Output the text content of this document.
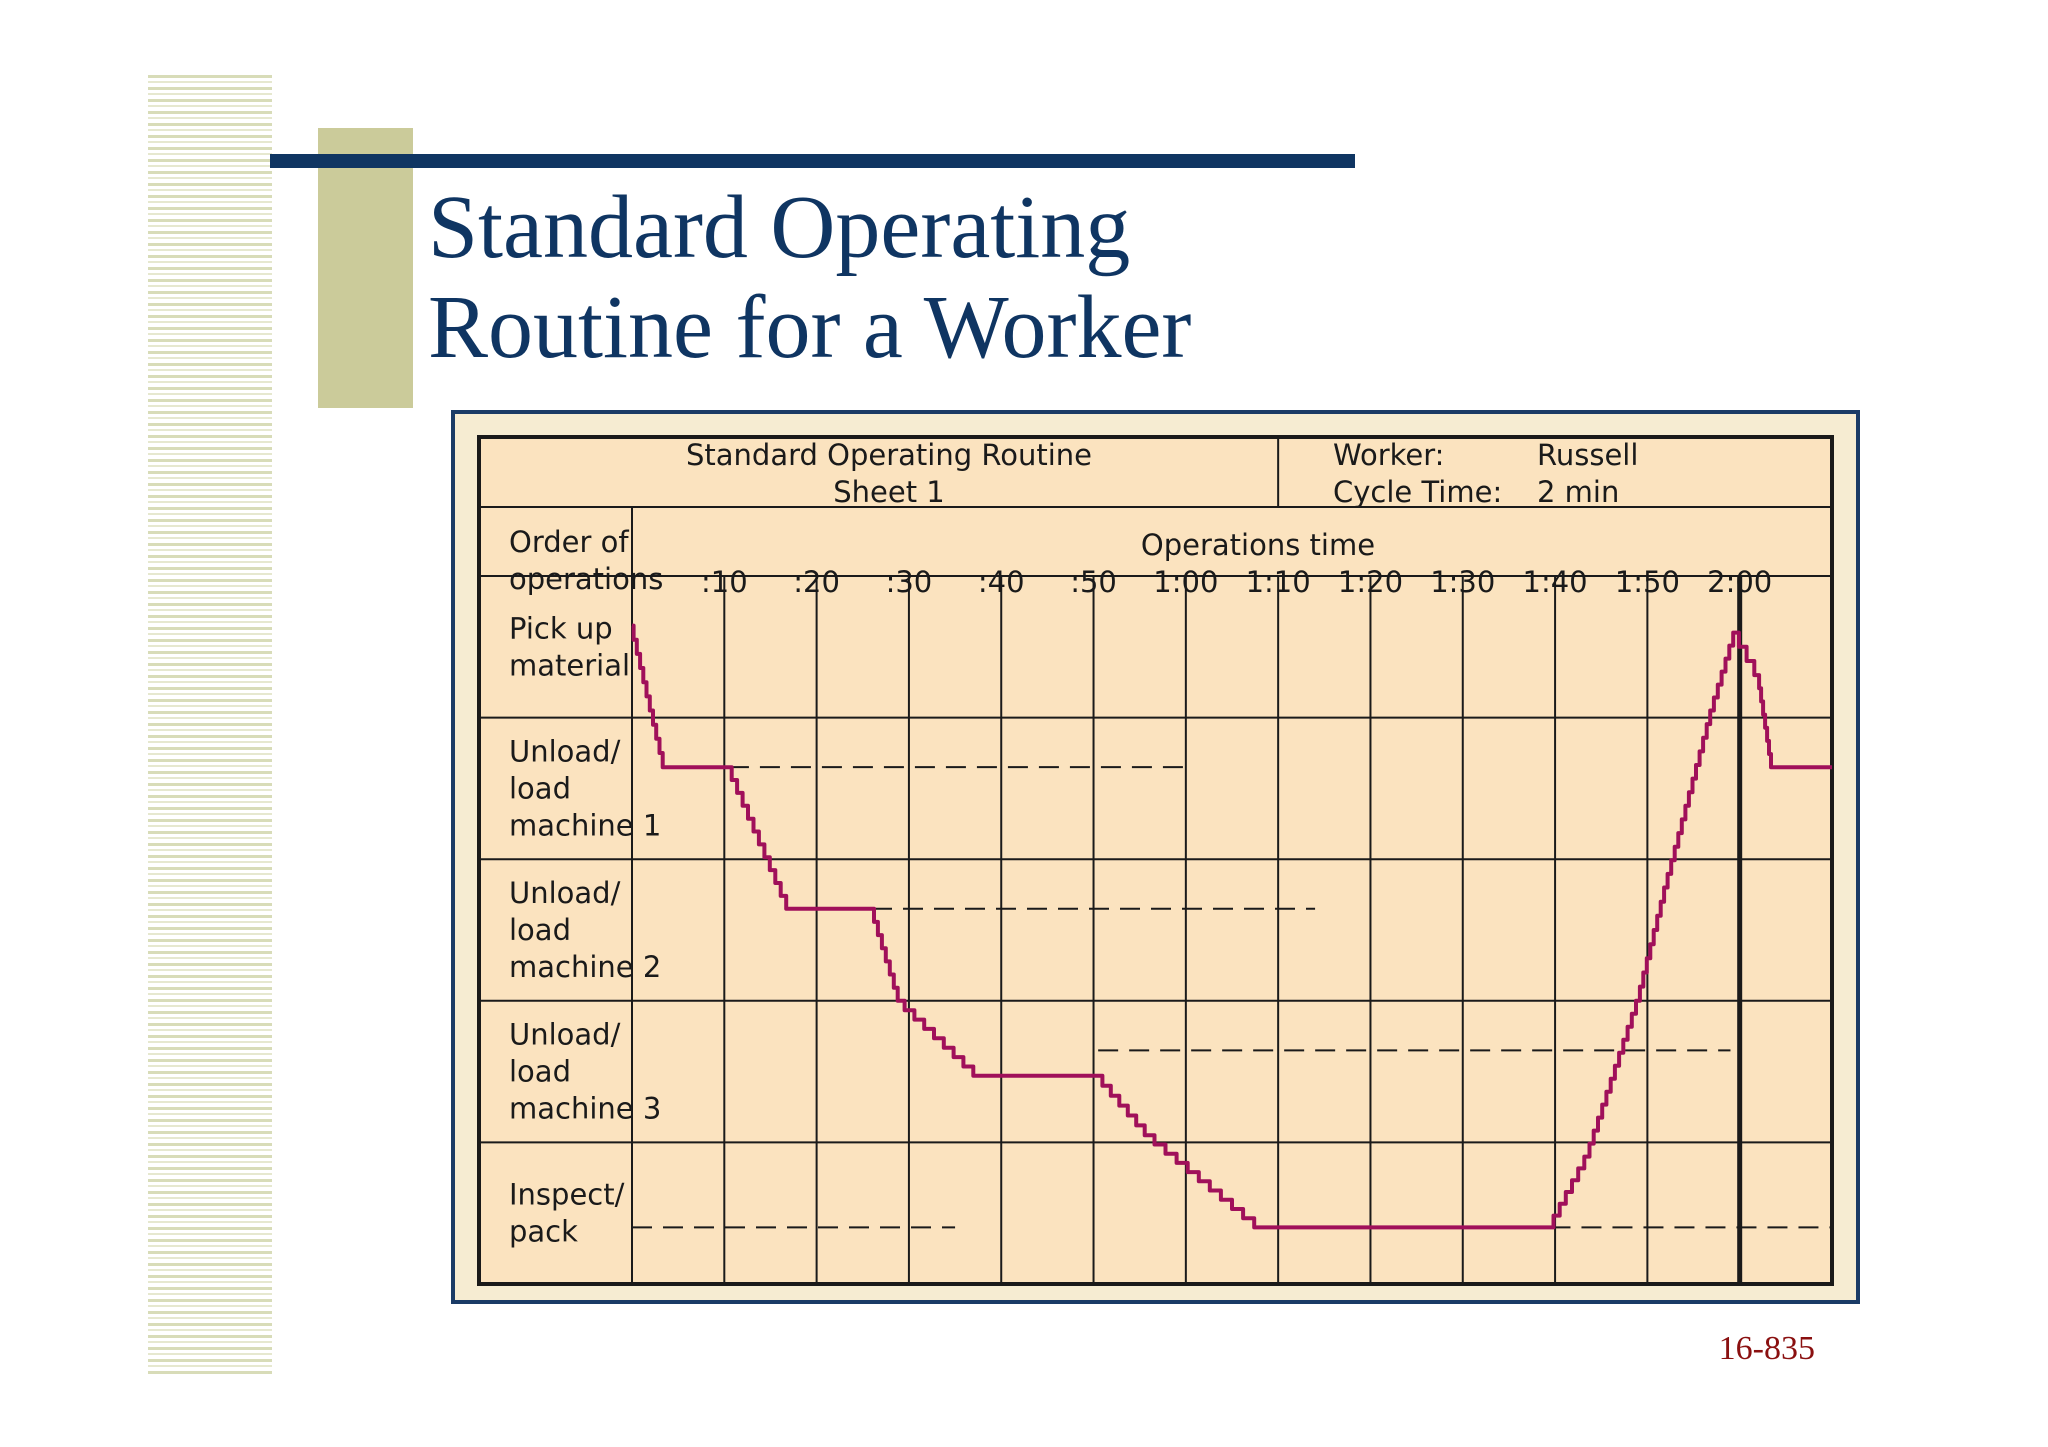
Standard Operating
Routine for a Worker
Standard Operating Routine
Sheet 1
Worker:	Russell
Cycle Time: 2 min
Operations time
:10 :20 :30 :40 :50 1:00 1:10 1:20 1:30 1:40 1:50 2:00
Order of operations
Pick up material
Unload/ load machine 1
Unload/ load machine 2
Unload/ load machine 3
Inspect/ pack
16-835
